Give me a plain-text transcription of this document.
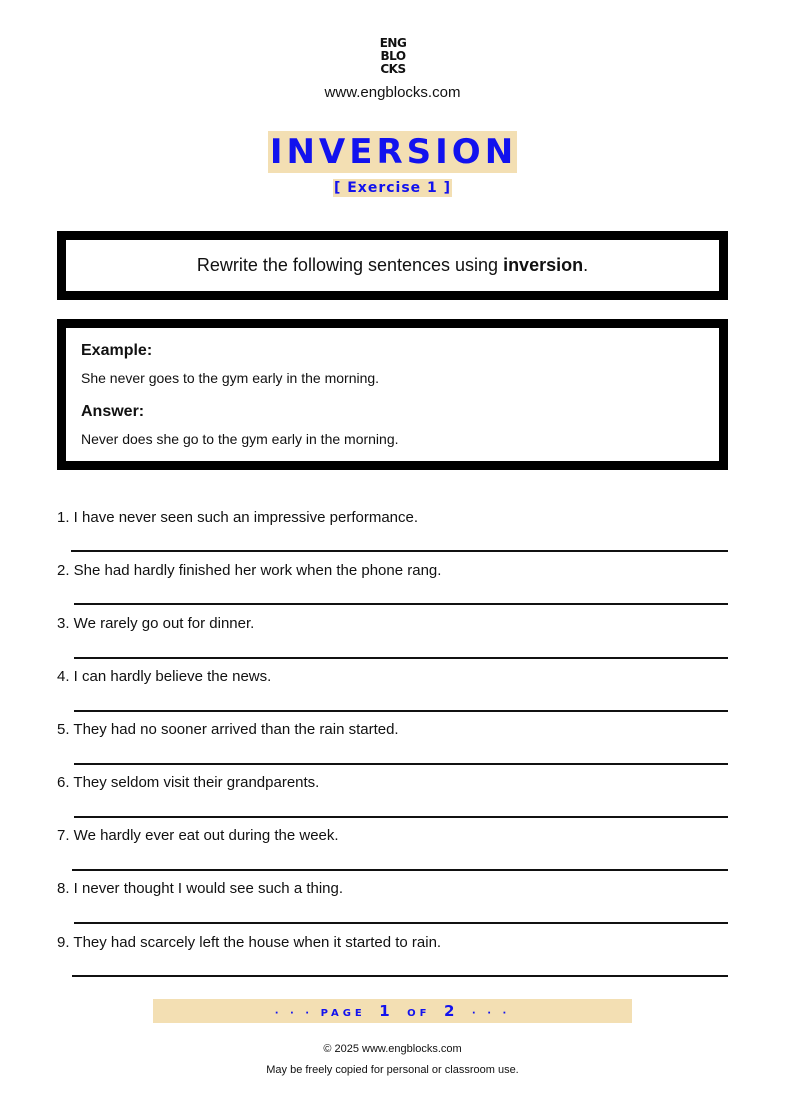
ENG
BLO
CKS
www.engblocks.com
INVERSION
[ Exercise 1 ]
Rewrite the following sentences using inversion.
Example:
She never goes to the gym early in the morning.
Answer:
Never does she go to the gym early in the morning.
1. I have never seen such an impressive performance.
2. She had hardly finished her work when the phone rang.
3. We rarely go out for dinner.
4. I can hardly believe the news.
5. They had no sooner arrived than the rain started.
6. They seldom visit their grandparents.
7. We hardly ever eat out during the week.
8. I never thought I would see such a thing.
9. They had scarcely left the house when it started to rain.
· · · PAGE 1 OF 2 · · ·
© 2025 www.engblocks.com
May be freely copied for personal or classroom use.
